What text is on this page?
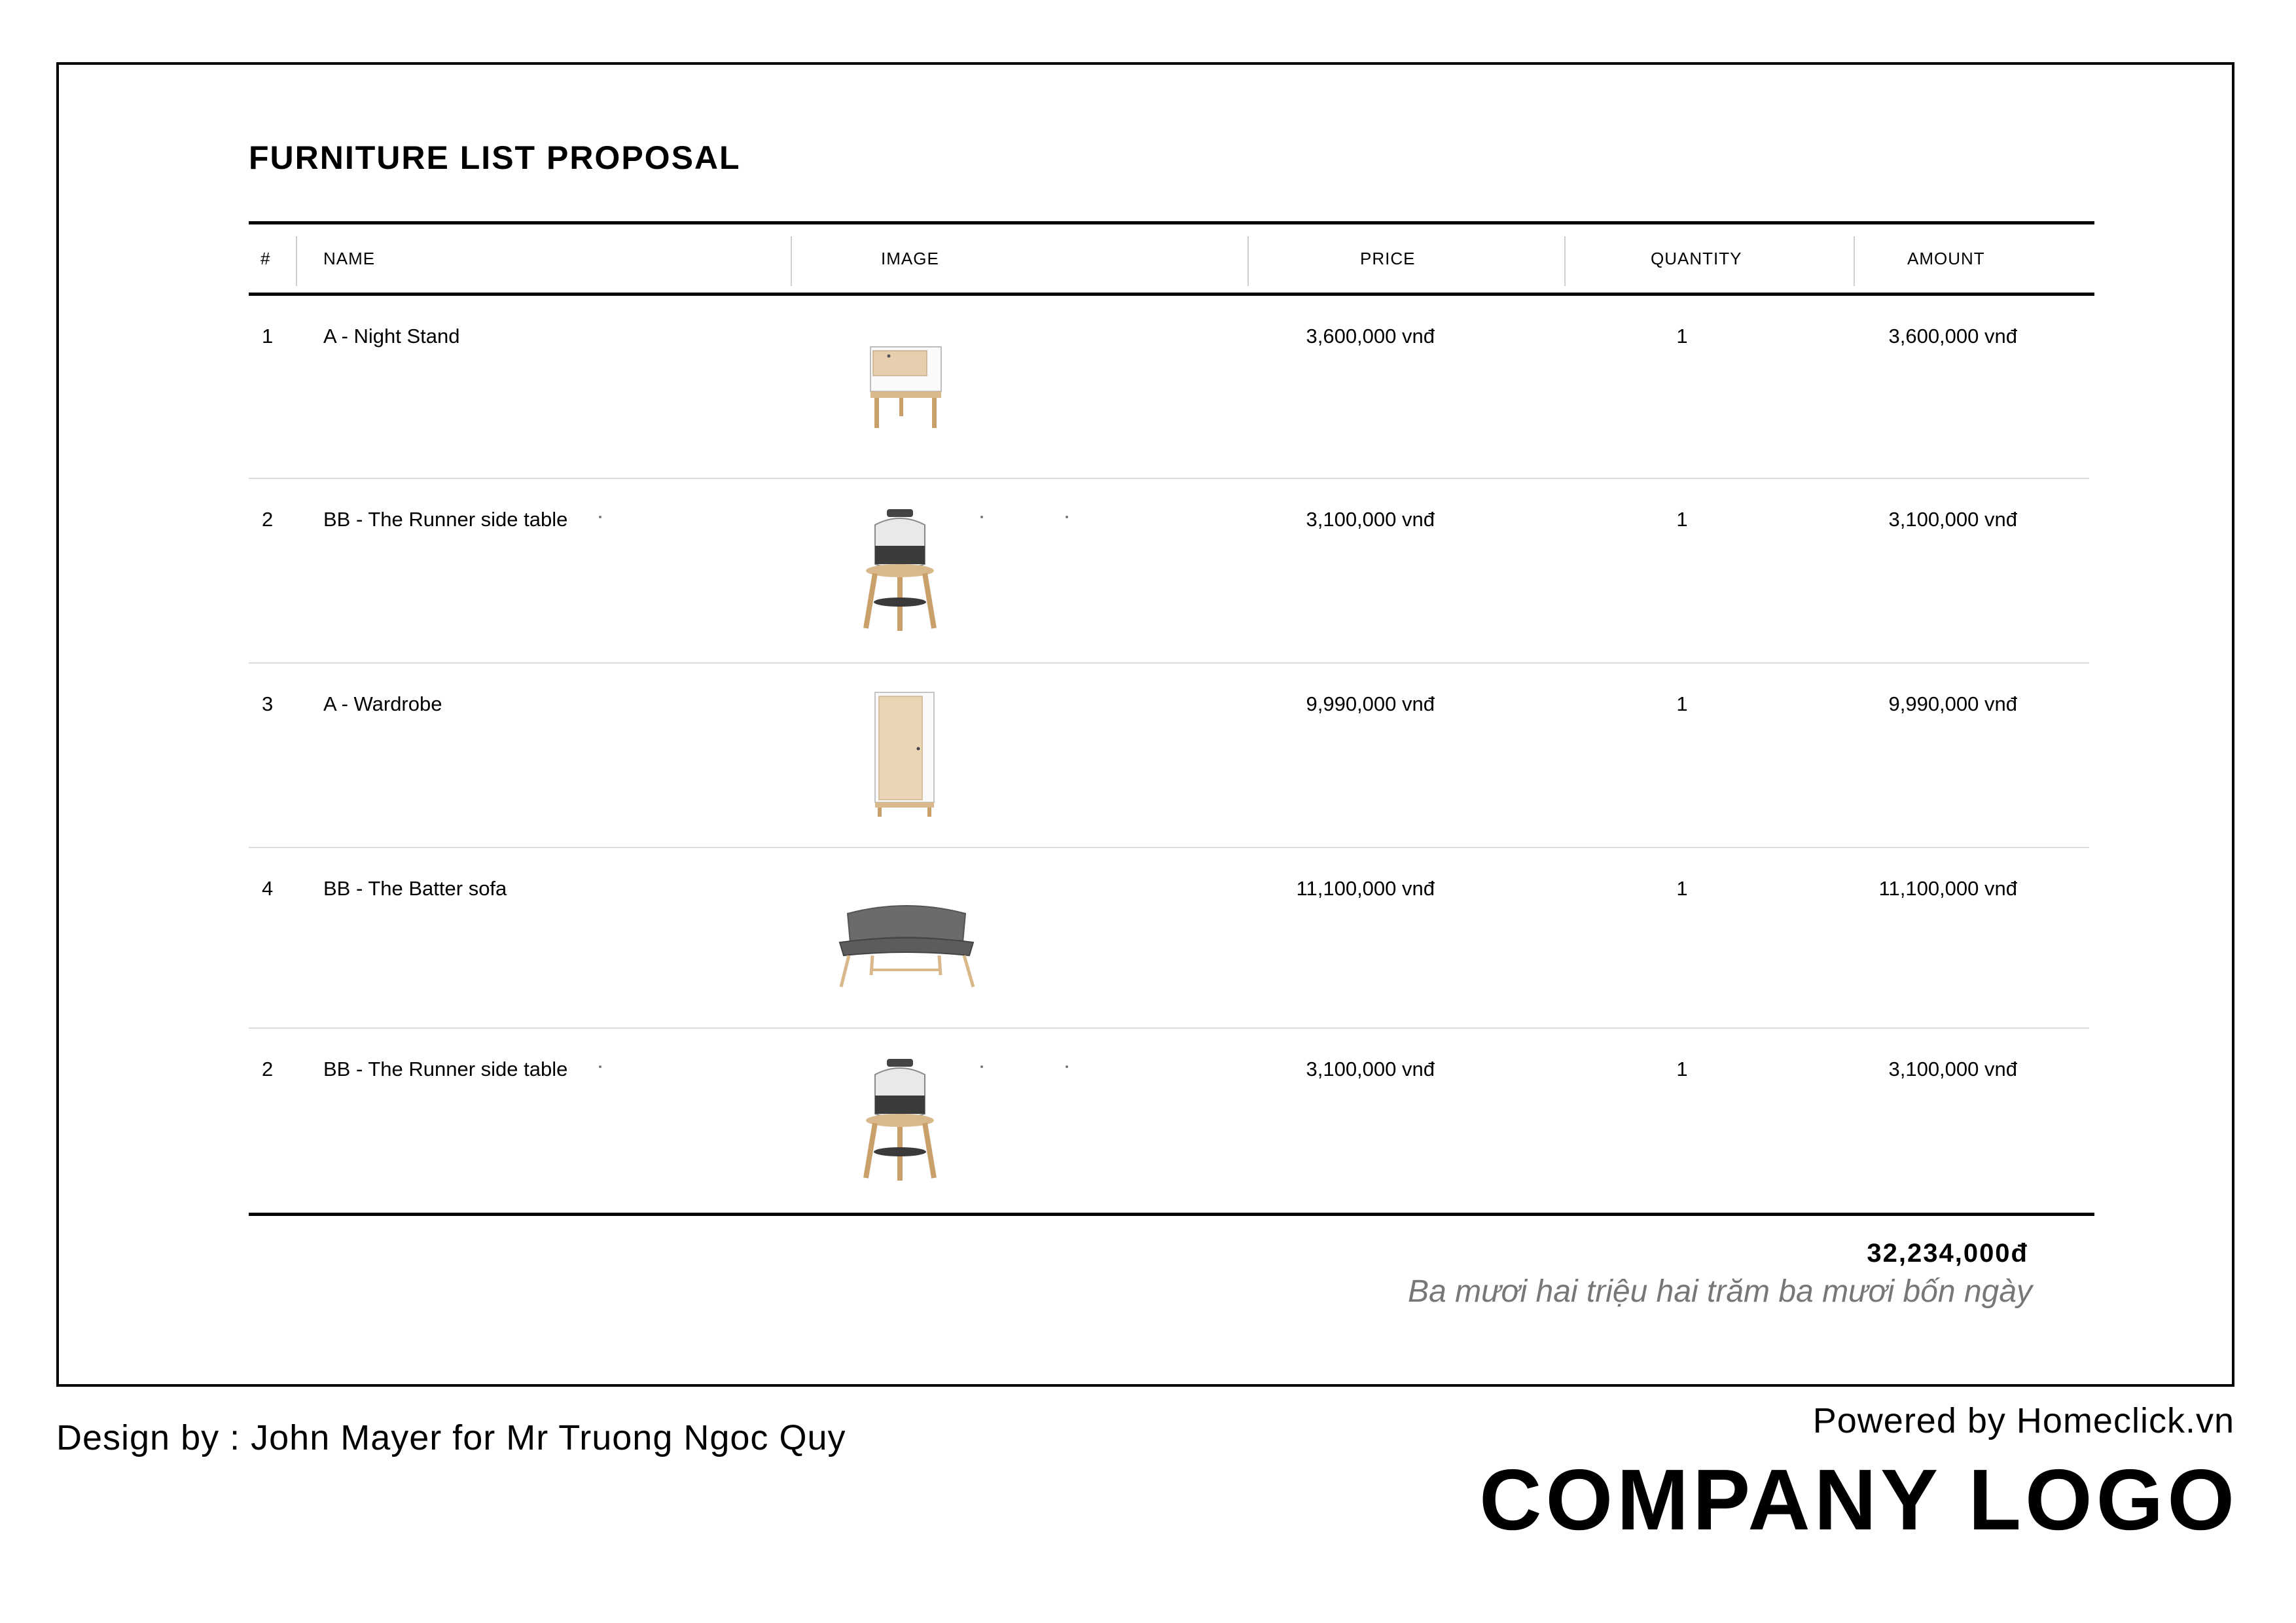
FURNITURE LIST PROPOSAL
#	NAME	IMAGE	PRICE	QUANTITY	AMOUNT
1 A - Night Stand	3,600,000 vnđ	1	3,600,000 vnđ
2 BB - The Runner side table	3,100,000 vnđ	1	3,100,000 vnđ
3 A - Wardrobe	9,990,000 vnđ	1	9,990,000 vnđ
4 BB - The Batter sofa	11,100,000 vnđ	1	11,100,000 vnđ
2 BB - The Runner side table	3,100,000 vnđ	1	3,100,000 vnđ
32,234,000đ
Ba mươi hai triệu hai trăm ba mươi bốn ngày
Design by : John Mayer for Mr Truong Ngoc Quy	Powered by Homeclick.vn
COMPANY LOGO
